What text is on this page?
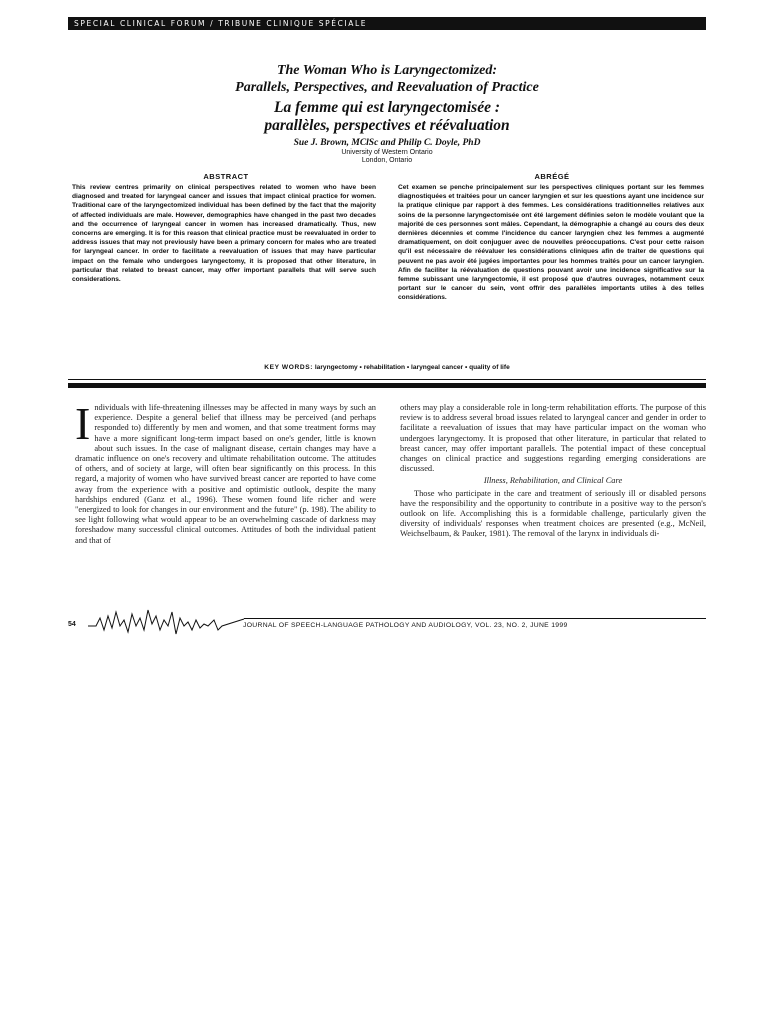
SPECIAL CLINICAL FORUM / TRIBUNE CLINIQUE SPÉCIALE
The Woman Who is Laryngectomized:
Parallels, Perspectives, and Reevaluation of Practice
La femme qui est laryngectomisée :
parallèles, perspectives et réévaluation
Sue J. Brown, MClSc and Philip C. Doyle, PhD
University of Western Ontario
London, Ontario
ABSTRACT

This review centres primarily on clinical perspectives related to women who have been diagnosed and treated for laryngeal cancer and issues that impact clinical practice for women. Traditional care of the laryngectomized individual has been defined by the fact that the majority of affected individuals are male. However, demographics have changed in the past two decades and the occurrence of laryngeal cancer in women has increased dramatically. Thus, new concerns are emerging. It is for this reason that clinical practice must be reevaluated in order to address issues that may not previously have been a primary concern for males who are treated for laryngeal cancer. In order to facilitate a reevaluation of issues that may have particular impact on the female who undergoes laryngectomy, it is proposed that other literature, in particular that related to breast cancer, may offer important parallels that will serve such considerations.

ABRÉGÉ

Cet examen se penche principalement sur les perspectives cliniques portant sur les femmes diagnostiquées et traitées pour un cancer laryngien et sur les questions ayant une incidence sur la pratique clinique par rapport à des femmes. Les considérations traditionnelles relatives aux soins de la personne laryngectomisée ont été largement définies selon le modèle voulant que la majorité de ces personnes sont mâles. Cependant, la démographie a changé au cours des deux dernières décennies et comme l'incidence du cancer laryngien chez les femmes a augmenté dramatiquement, on doit conjuguer avec de nouvelles préoccupations. C'est pour cette raison qu'il est nécessaire de réévaluer les considérations cliniques afin de traiter de questions qui peuvent ne pas avoir été jugées importantes pour les hommes traités pour un cancer laryngien. Afin de faciliter la réévaluation de questions pouvant avoir une incidence significative sur la femme subissant une laryngectomie, il est proposé que d'autres ouvrages, notamment ceux portant sur le cancer du sein, vont offrir des parallèles importants utiles à des telles considérations.

KEY WORDS: laryngectomy • rehabilitation • laryngeal cancer • quality of life
I ndividuals with life-threatening illnesses may be affected in many ways by such an experience. Despite a general belief that illness may be perceived (and perhaps responded to) differently by men and women, and that some treatment forms may have a more significant long-term impact based on one's gender, little is known about such issues. In the case of malignant disease, certain changes may have a dramatic influence on one's recovery and ultimate rehabilitation outcome. The attitudes of others, and of society at large, will often bear significantly on this process. In this regard, a majority of women who have survived breast cancer are reported to have come away from the experience with a positive and optimistic outlook, despite the many hardships endured (Ganz et al., 1996). These women found life richer and were "energized to look for changes in our environment and the future" (p. 198). The ability to see light following what would appear to be an overwhelming cascade of darkness may foreshadow many successful clinical outcomes. Attitudes of both the individual patient and that of

others may play a considerable role in long-term rehabilitation efforts. The purpose of this review is to address several broad issues related to laryngeal cancer and gender in order to facilitate a reevaluation of issues that may have particular impact on the woman who undergoes laryngectomy. It is proposed that other literature, in particular that related to breast cancer, may offer important parallels. The potential impact of these conceptual changes on clinical practice and suggestions regarding emerging considerations are discussed.

Illness, Rehabilitation, and Clinical Care

Those who participate in the care and treatment of seriously ill or disabled persons have the responsibility and the opportunity to contribute in a positive way to the person's outlook on life. Accomplishing this is a formidable challenge, particularly given the diversity of individuals' responses when treatment choices are presented (e.g., McNeil, Weichselbaum, & Pauker, 1981). The removal of the larynx in individuals di-

54	JOURNAL OF SPEECH-LANGUAGE PATHOLOGY AND AUDIOLOGY, VOL. 23, NO. 2, JUNE 1999
